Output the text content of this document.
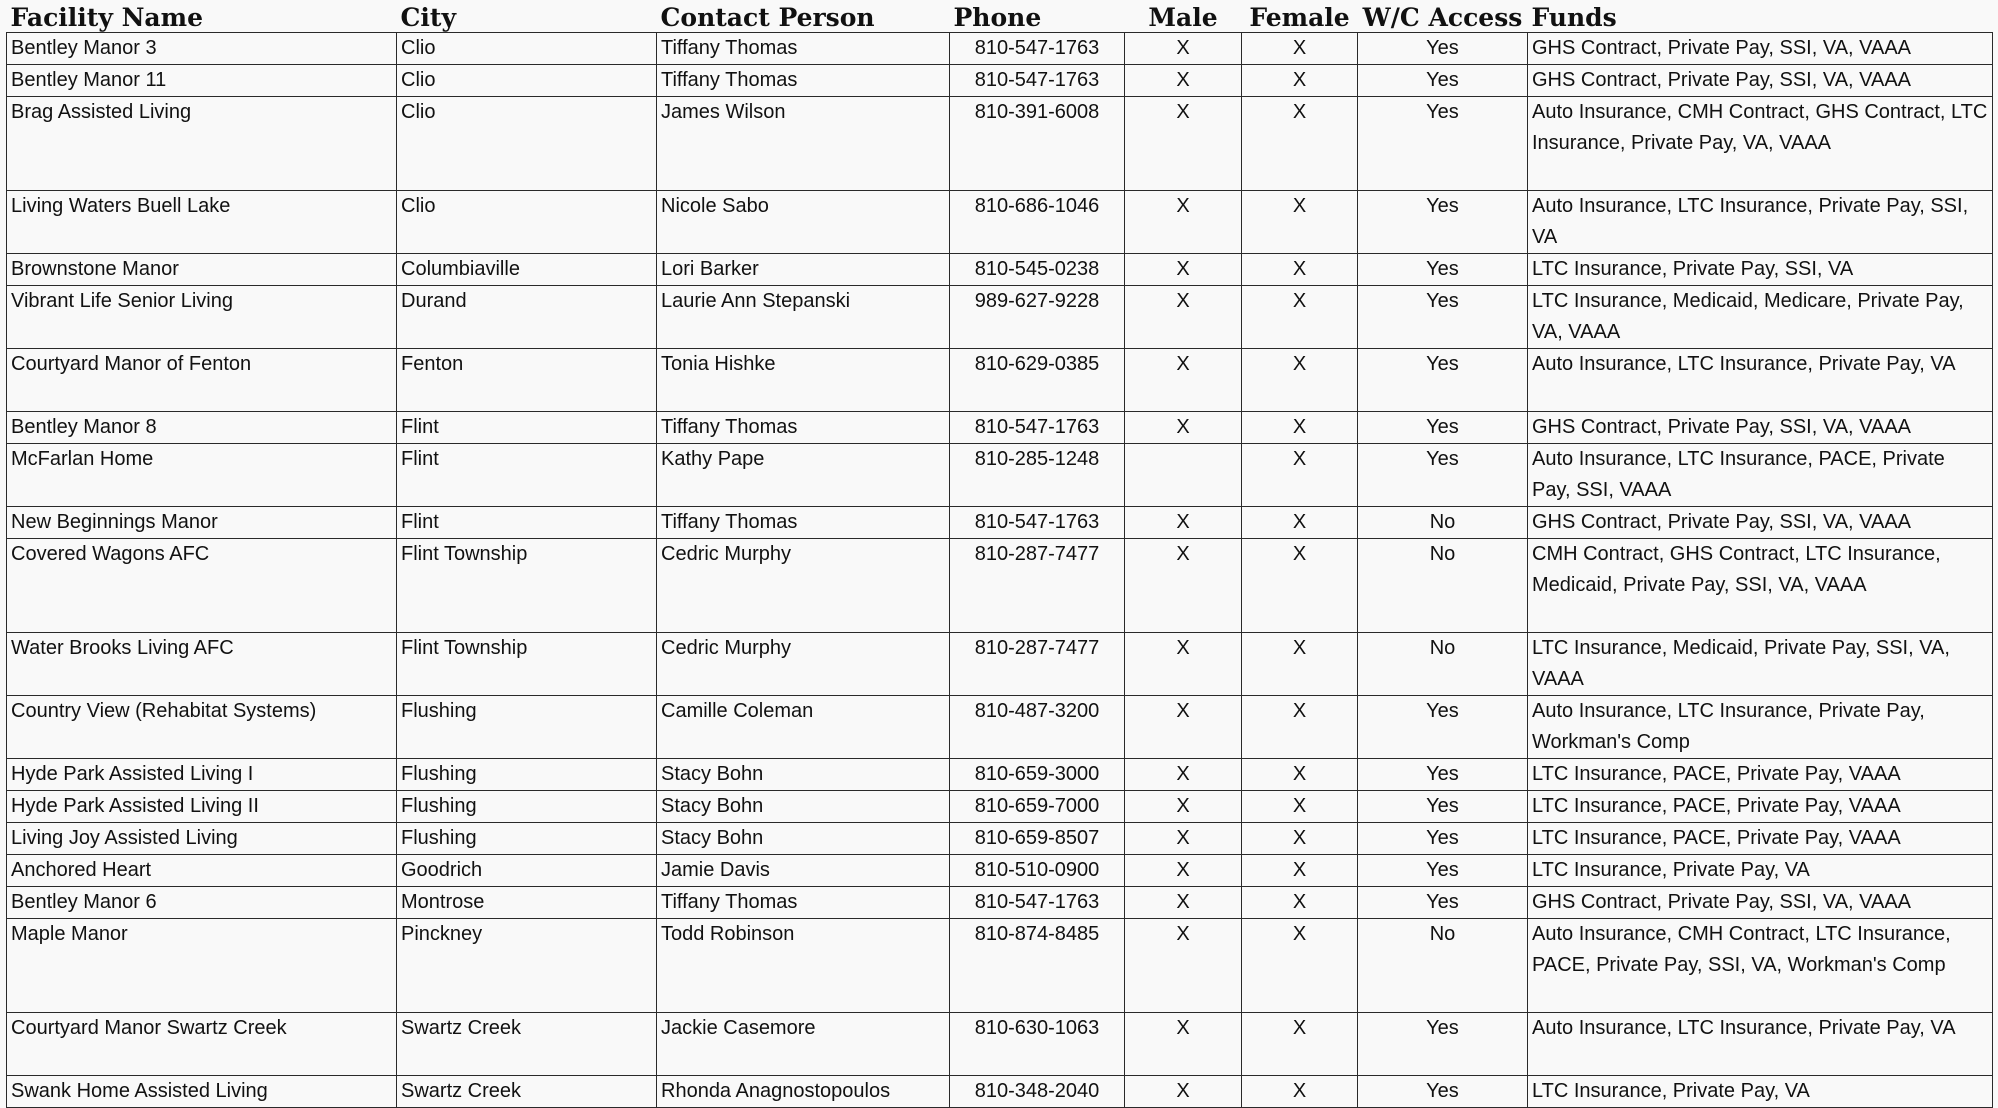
Facility Name	City	Contact Person	Phone	Male	Female	W/C Access	Funds
Bentley Manor 3	Clio	Tiffany Thomas	810-547-1763	X	X	Yes	GHS Contract, Private Pay, SSI, VA, VAAA
Bentley Manor 11	Clio	Tiffany Thomas	810-547-1763	X	X	Yes	GHS Contract, Private Pay, SSI, VA, VAAA
Brag Assisted Living	Clio	James Wilson	810-391-6008	X	X	Yes	Auto Insurance, CMH Contract, GHS Contract, LTC Insurance, Private Pay, VA, VAAA
Living Waters Buell Lake	Clio	Nicole Sabo	810-686-1046	X	X	Yes	Auto Insurance, LTC Insurance, Private Pay, SSI, VA
Brownstone Manor	Columbiaville	Lori Barker	810-545-0238	X	X	Yes	LTC Insurance, Private Pay, SSI, VA
Vibrant Life Senior Living	Durand	Laurie Ann Stepanski	989-627-9228	X	X	Yes	LTC Insurance, Medicaid, Medicare, Private Pay, VA, VAAA
Courtyard Manor of Fenton	Fenton	Tonia Hishke	810-629-0385	X	X	Yes	Auto Insurance, LTC Insurance, Private Pay, VA
Bentley Manor 8	Flint	Tiffany Thomas	810-547-1763	X	X	Yes	GHS Contract, Private Pay, SSI, VA, VAAA
McFarlan Home	Flint	Kathy Pape	810-285-1248		X	Yes	Auto Insurance, LTC Insurance, PACE, Private Pay, SSI, VAAA
New Beginnings Manor	Flint	Tiffany Thomas	810-547-1763	X	X	No	GHS Contract, Private Pay, SSI, VA, VAAA
Covered Wagons AFC	Flint Township	Cedric Murphy	810-287-7477	X	X	No	CMH Contract, GHS Contract, LTC Insurance, Medicaid, Private Pay, SSI, VA, VAAA
Water Brooks Living AFC	Flint Township	Cedric Murphy	810-287-7477	X	X	No	LTC Insurance, Medicaid, Private Pay, SSI, VA, VAAA
Country View (Rehabitat Systems)	Flushing	Camille Coleman	810-487-3200	X	X	Yes	Auto Insurance, LTC Insurance, Private Pay, Workman's Comp
Hyde Park Assisted Living I	Flushing	Stacy Bohn	810-659-3000	X	X	Yes	LTC Insurance, PACE, Private Pay, VAAA
Hyde Park Assisted Living II	Flushing	Stacy Bohn	810-659-7000	X	X	Yes	LTC Insurance, PACE, Private Pay, VAAA
Living Joy Assisted Living	Flushing	Stacy Bohn	810-659-8507	X	X	Yes	LTC Insurance, PACE, Private Pay, VAAA
Anchored Heart	Goodrich	Jamie Davis	810-510-0900	X	X	Yes	LTC Insurance, Private Pay, VA
Bentley Manor 6	Montrose	Tiffany Thomas	810-547-1763	X	X	Yes	GHS Contract, Private Pay, SSI, VA, VAAA
Maple Manor	Pinckney	Todd Robinson	810-874-8485	X	X	No	Auto Insurance, CMH Contract, LTC Insurance, PACE, Private Pay, SSI, VA, Workman's Comp
Courtyard Manor Swartz Creek	Swartz Creek	Jackie Casemore	810-630-1063	X	X	Yes	Auto Insurance, LTC Insurance, Private Pay, VA
Swank Home Assisted Living	Swartz Creek	Rhonda Anagnostopoulos	810-348-2040	X	X	Yes	LTC Insurance, Private Pay, VA
